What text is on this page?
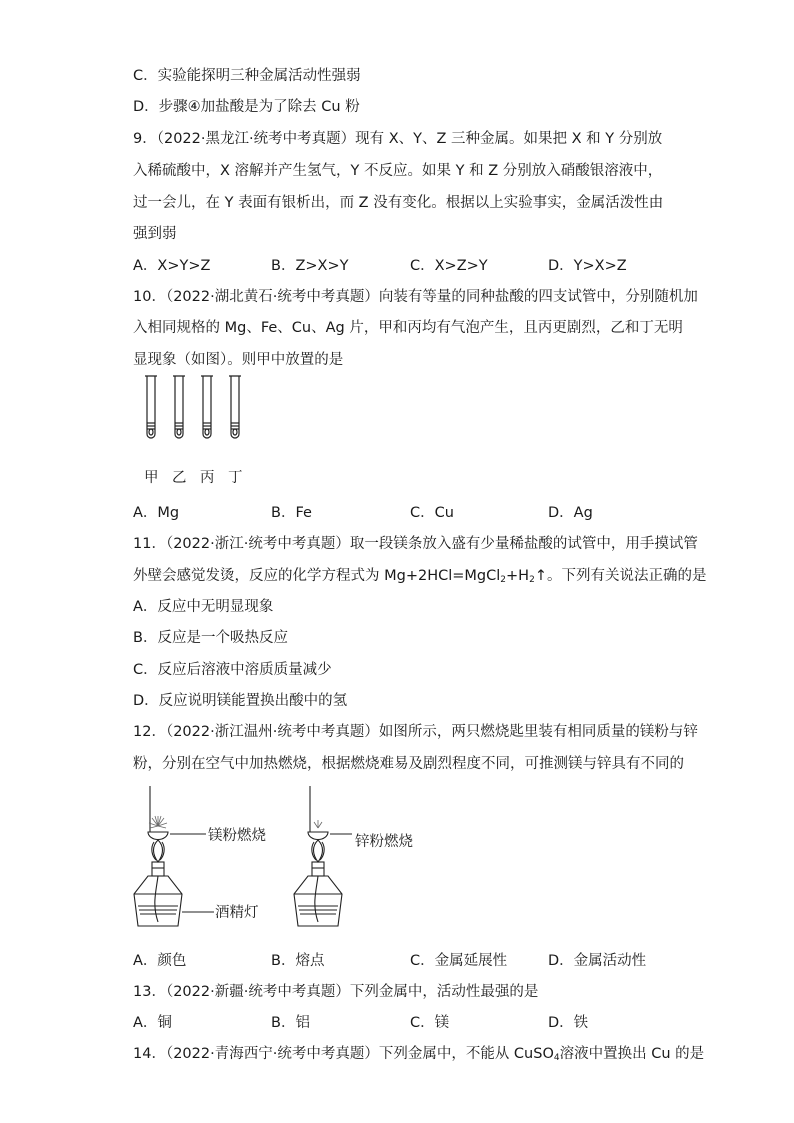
C．实验能探明三种金属活动性强弱
D．步骤④加盐酸是为了除去 Cu 粉
9．（2022·黑龙江·统考中考真题）现有 X、Y、Z 三种金属。如果把 X 和 Y 分别放
入稀硫酸中，X 溶解并产生氢气，Y 不反应。如果 Y 和 Z 分别放入硝酸银溶液中，
过一会儿，在 Y 表面有银析出，而 Z 没有变化。根据以上实验事实，金属活泼性由
强到弱
A．X>Y>Z	B．Z>X>Y	C．X>Z>Y	D．Y>X>Z
10．（2022·湖北黄石·统考中考真题）向装有等量的同种盐酸的四支试管中，分别随机加
入相同规格的 Mg、Fe、Cu、Ag 片，甲和丙均有气泡产生，且丙更剧烈，乙和丁无明
显现象（如图）。则甲中放置的是
甲 乙 丙 丁
A．Mg	B．Fe	C．Cu	D．Ag
11．（2022·浙江·统考中考真题）取一段镁条放入盛有少量稀盐酸的试管中，用手摸试管
外壁会感觉发烫，反应的化学方程式为 $Mg+2HCl=MgCl_2+H_2↑$。下列有关说法正确的是
A．反应中无明显现象
B．反应是一个吸热反应
C．反应后溶液中溶质质量减少
D．反应说明镁能置换出酸中的氢
12．（2022·浙江温州·统考中考真题）如图所示，两只燃烧匙里装有相同质量的镁粉与锌
粉，分别在空气中加热燃烧，根据燃烧难易及剧烈程度不同，可推测镁与锌具有不同的
镁粉燃烧	锌粉燃烧
酒精灯
A．颜色	B．熔点	C．金属延展性	D．金属活动性
13．（2022·新疆·统考中考真题）下列金属中，活动性最强的是
A．铜	B．铝	C．镁	D．铁
14．（2022·青海西宁·统考中考真题）下列金属中，不能从 CuSO$_4$溶液中置换出 Cu 的是
